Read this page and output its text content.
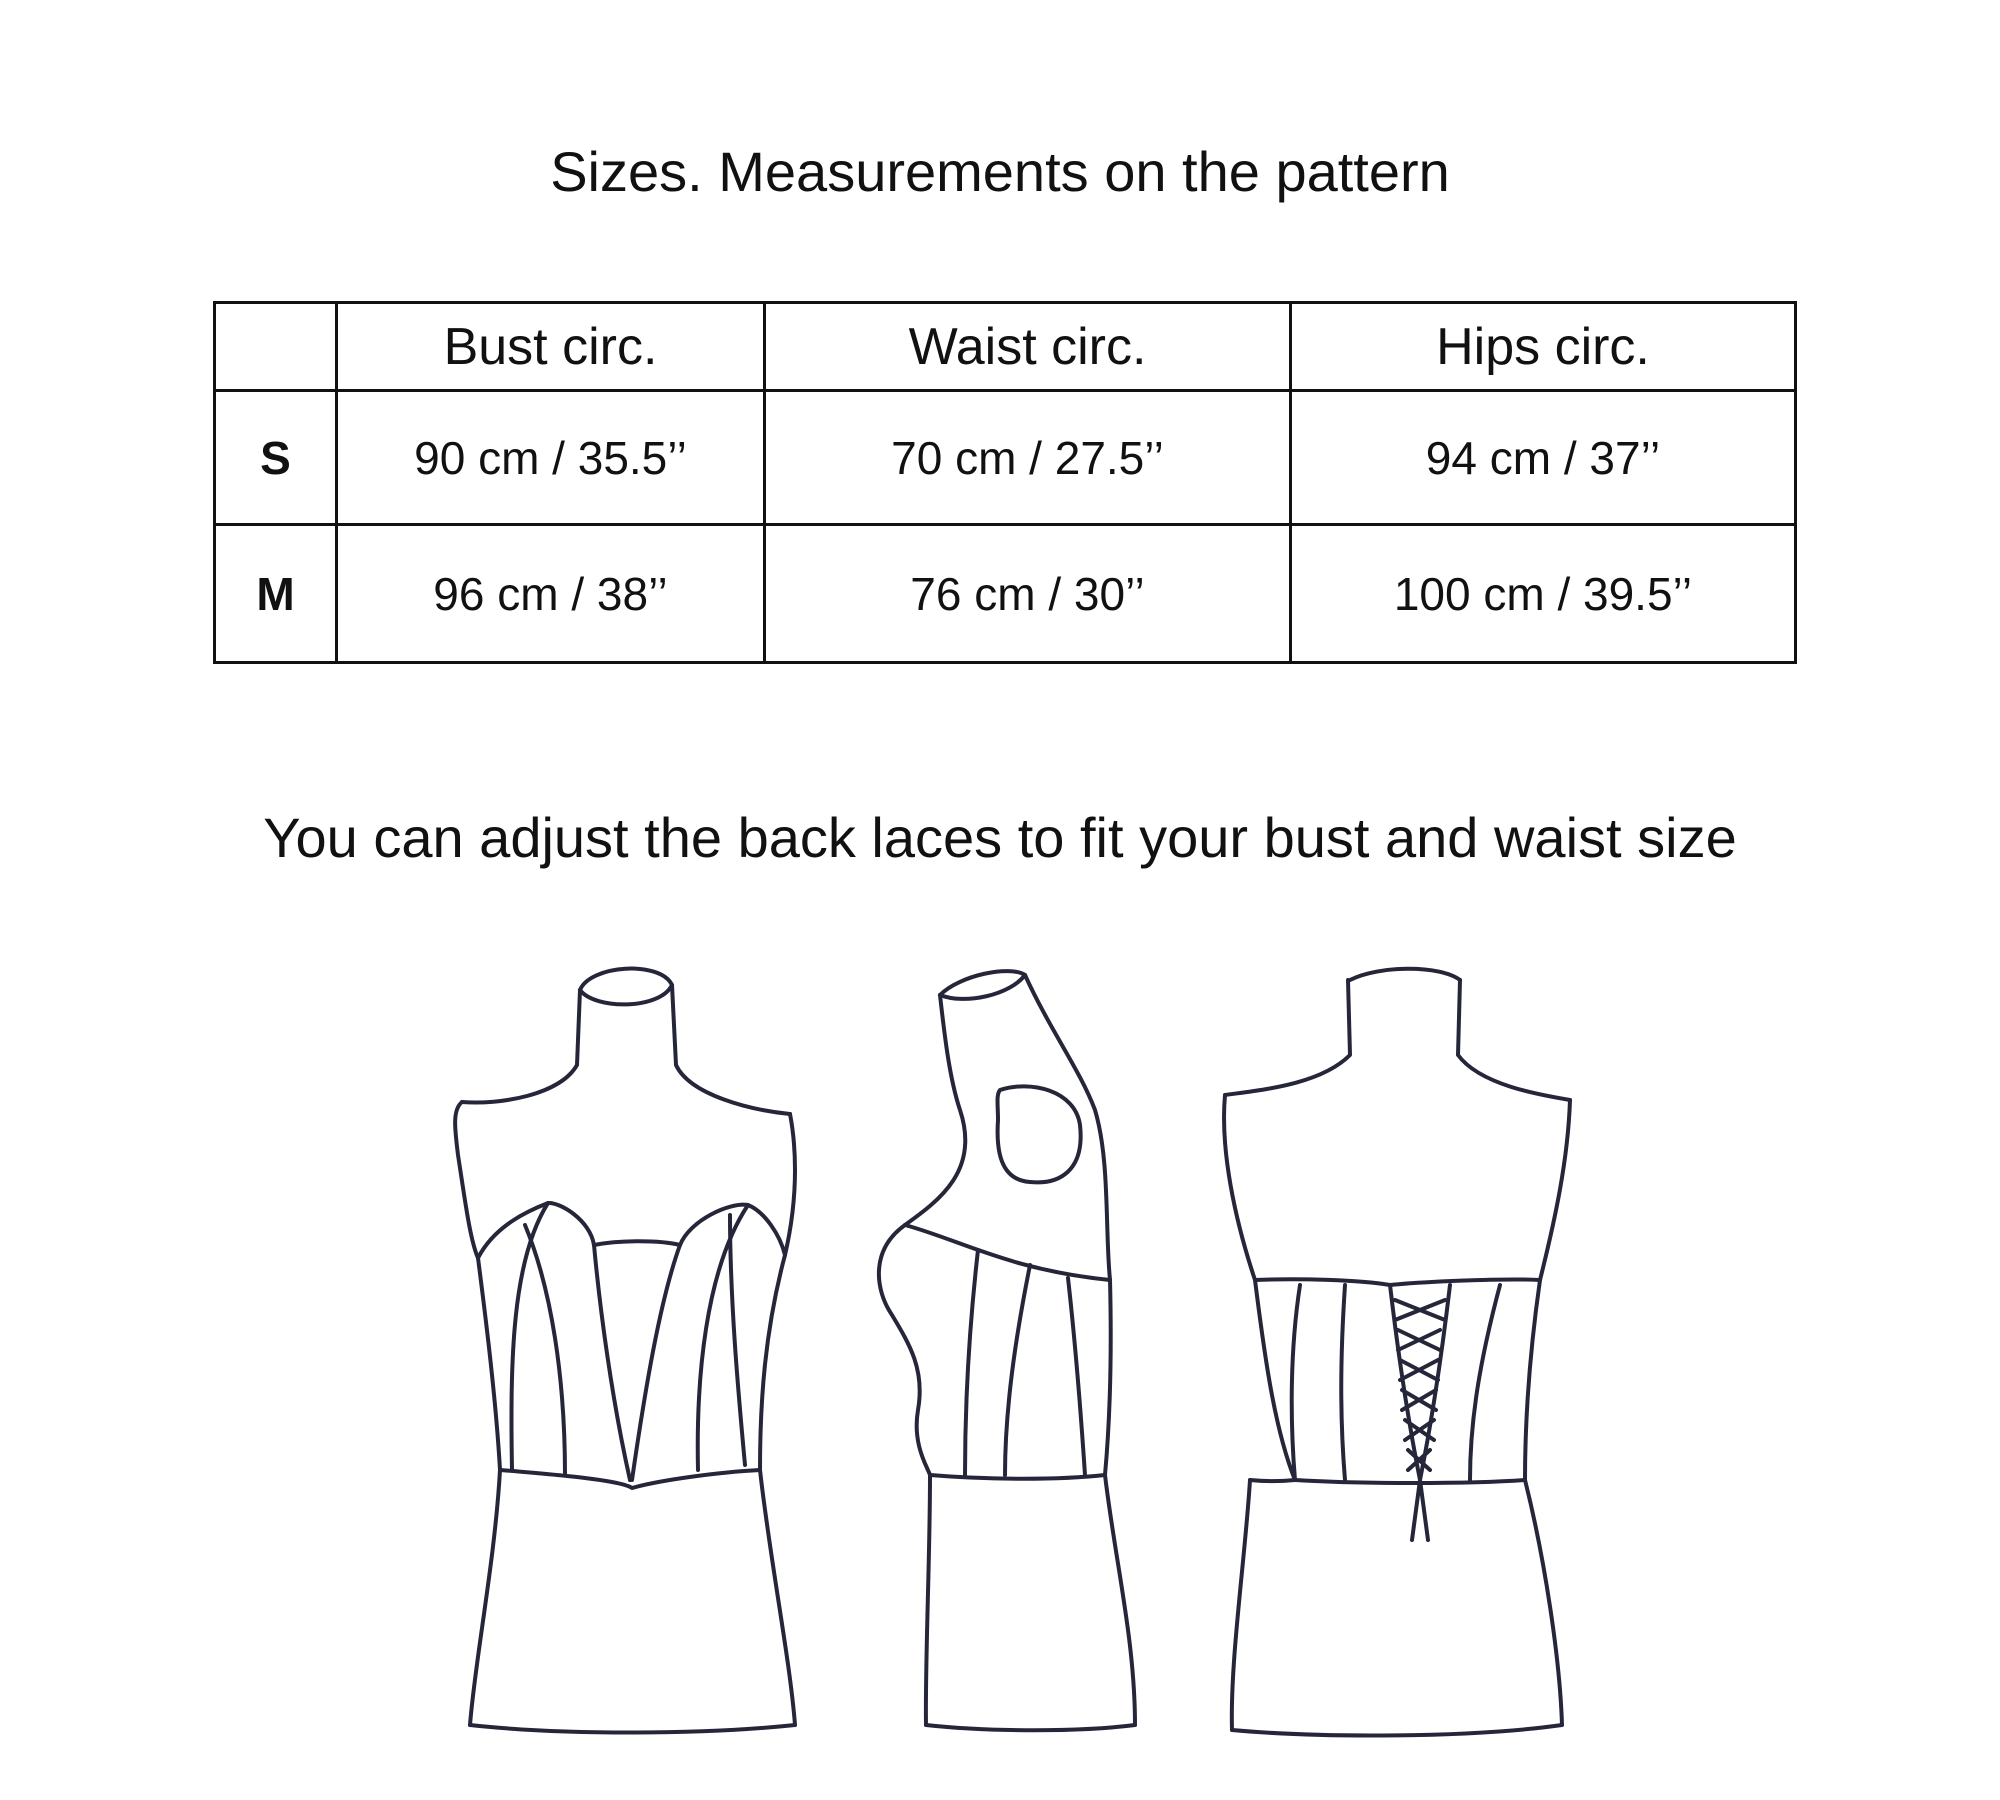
Sizes. Measurements on the pattern
	Bust circ.	Waist circ.	Hips circ.
S	90 cm / 35.5’’	70 cm / 27.5’’	94 cm / 37’’
M	96 cm / 38’’	76 cm / 30’’	100 cm / 39.5’’
You can adjust the back laces to fit your bust and waist size
